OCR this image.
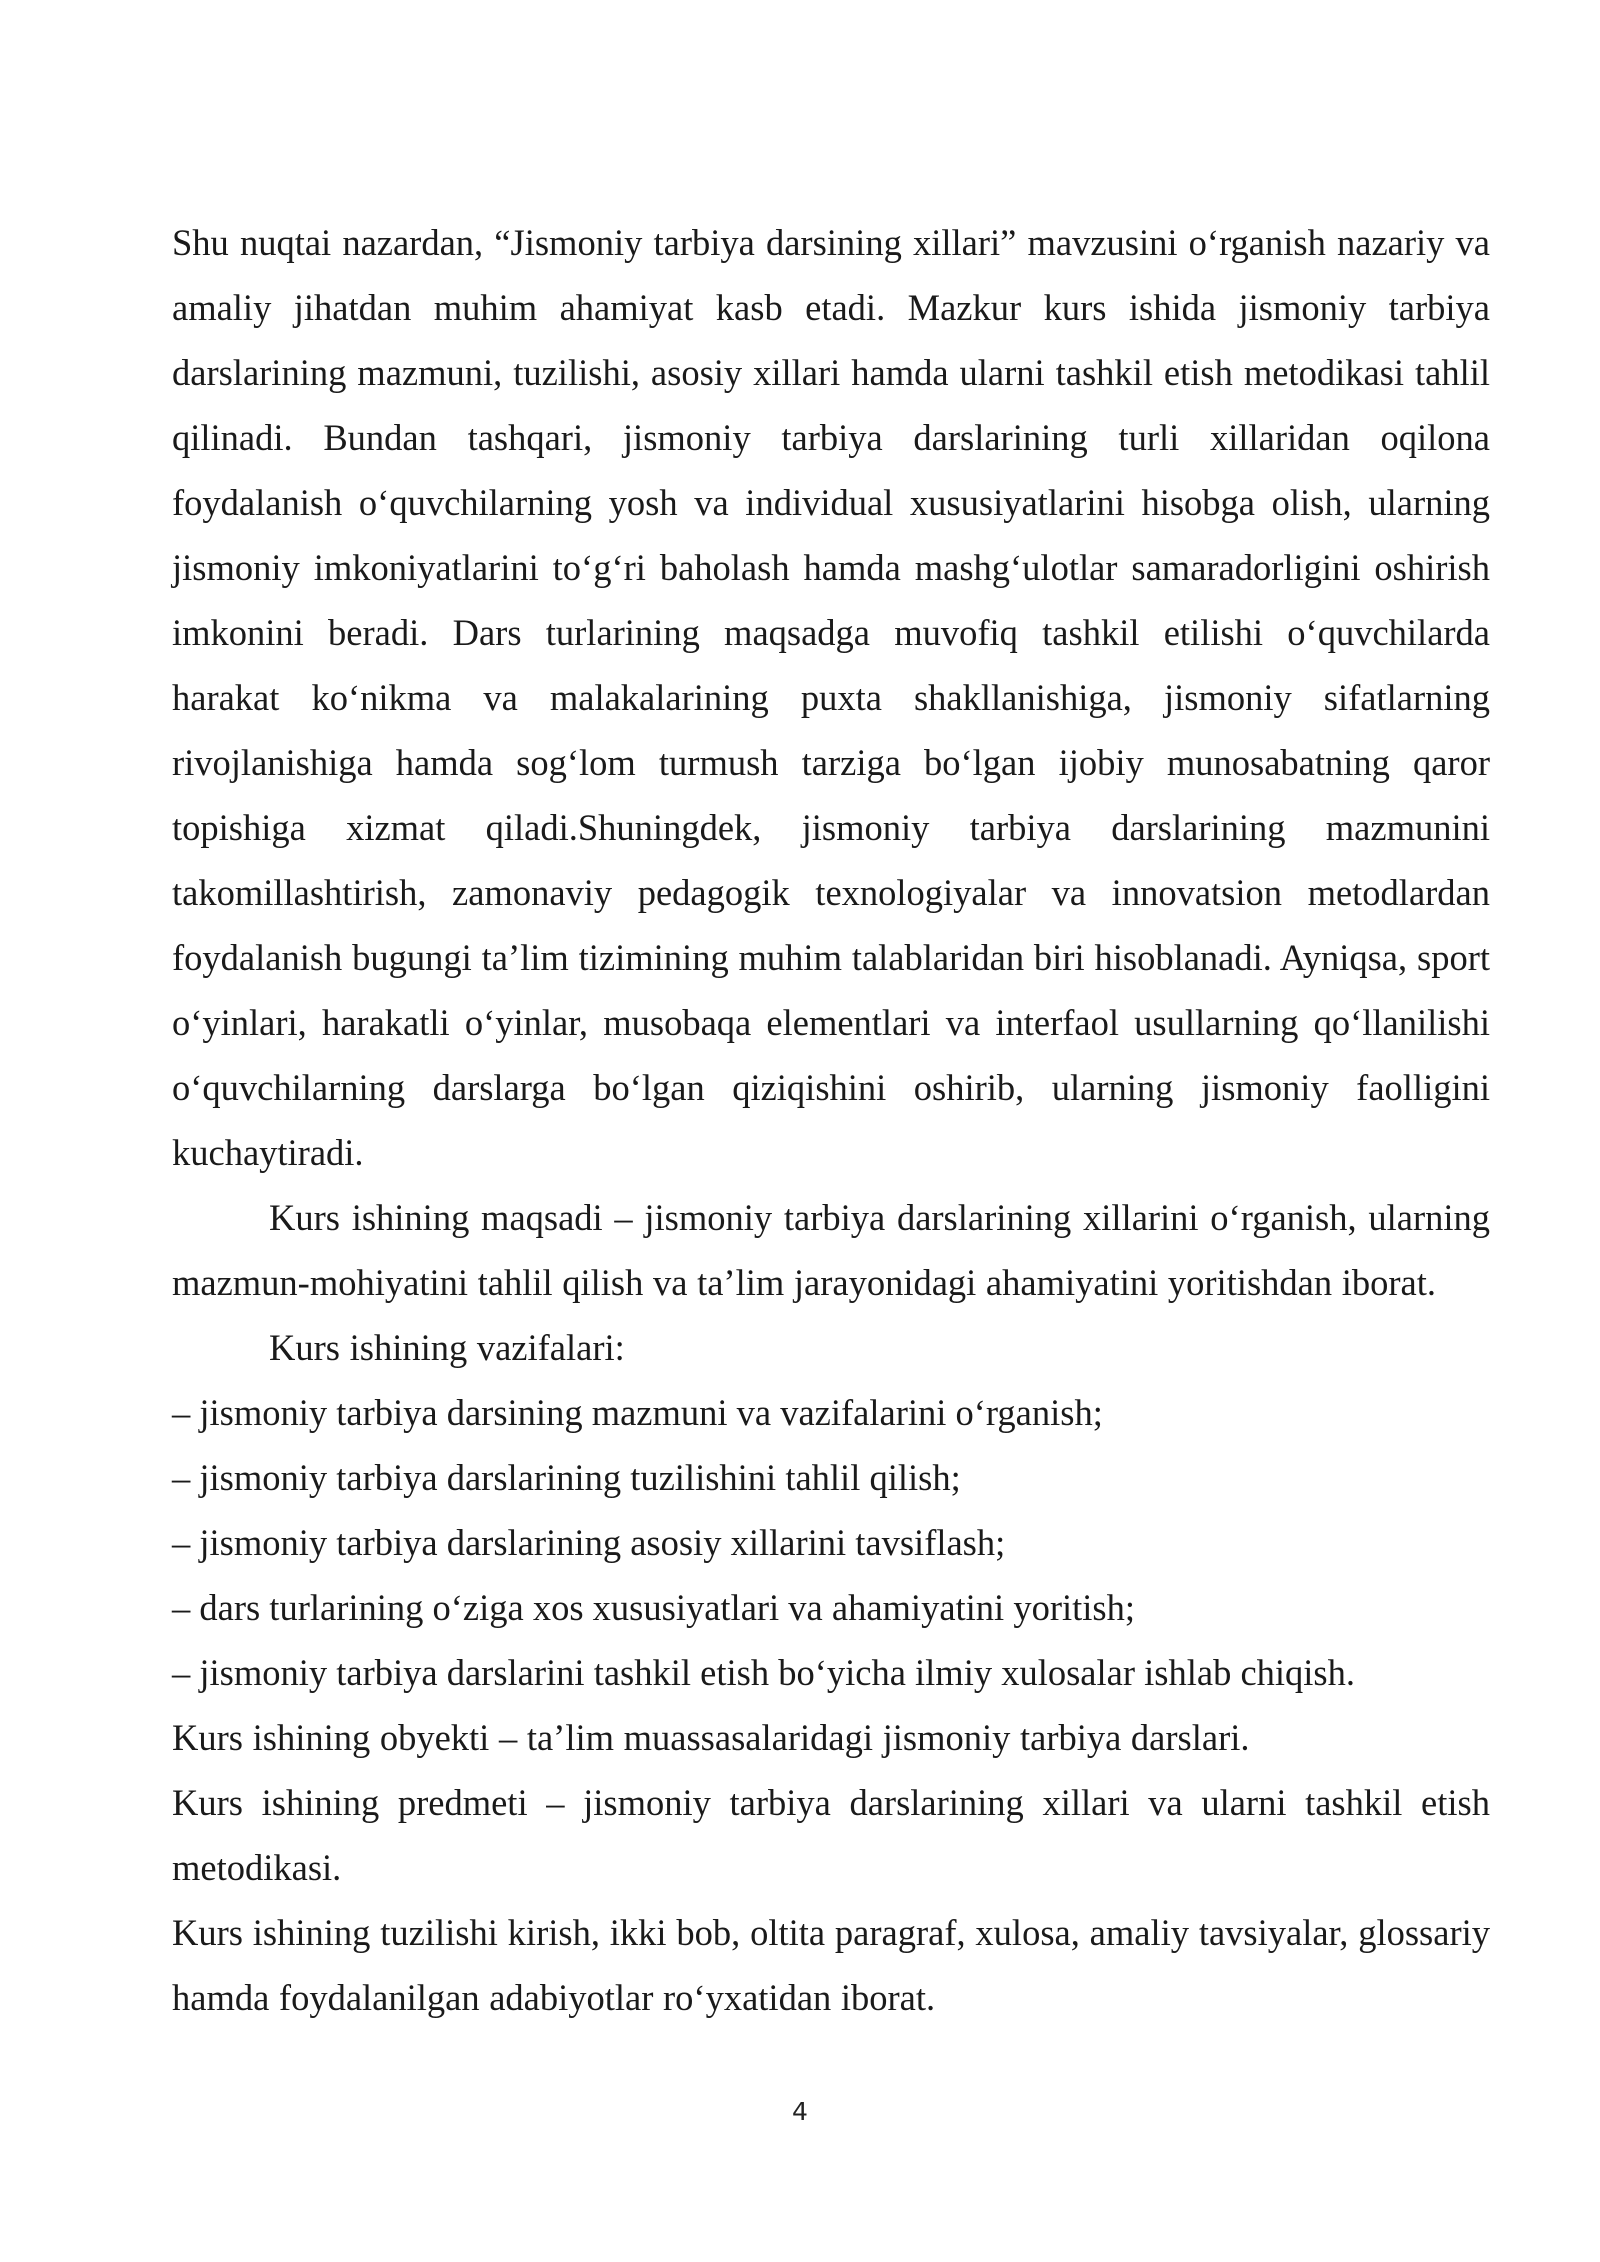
Shu nuqtai nazardan, “Jismoniy tarbiya darsining xillari” mavzusini o‘rganish nazariy va amaliy jihatdan muhim ahamiyat kasb etadi. Mazkur kurs ishida jismoniy tarbiya darslarining mazmuni, tuzilishi, asosiy xillari hamda ularni tashkil etish metodikasi tahlil qilinadi. Bundan tashqari, jismoniy tarbiya darslarining turli xillaridan oqilona foydalanish o‘quvchilarning yosh va individual xususiyatlarini hisobga olish, ularning jismoniy imkoniyatlarini to‘g‘ri baholash hamda mashg‘ulotlar samaradorligini oshirish imkonini beradi. Dars turlarining maqsadga muvofiq tashkil etilishi o‘quvchilarda harakat ko‘nikma va malakalarining puxta shakllanishiga, jismoniy sifatlarning rivojlanishiga hamda sog‘lom turmush tarziga bo‘lgan ijobiy munosabatning qaror topishiga xizmat qiladi.Shuningdek, jismoniy tarbiya darslarining mazmunini takomillashtirish, zamonaviy pedagogik texnologiyalar va innovatsion metodlardan foydalanish bugungi ta’lim tizimining muhim talablaridan biri hisoblanadi. Ayniqsa, sport o‘yinlari, harakatli o‘yinlar, musobaqa elementlari va interfaol usullarning qo‘llanilishi o‘quvchilarning darslarga bo‘lgan qiziqishini oshirib, ularning jismoniy faolligini kuchaytiradi.

Kurs ishining maqsadi – jismoniy tarbiya darslarining xillarini o‘rganish, ularning mazmun-mohiyatini tahlil qilish va ta’lim jarayonidagi ahamiyatini yoritishdan iborat.

Kurs ishining vazifalari:

– jismoniy tarbiya darsining mazmuni va vazifalarini o‘rganish;

– jismoniy tarbiya darslarining tuzilishini tahlil qilish;

– jismoniy tarbiya darslarining asosiy xillarini tavsiflash;

– dars turlarining o‘ziga xos xususiyatlari va ahamiyatini yoritish;

– jismoniy tarbiya darslarini tashkil etish bo‘yicha ilmiy xulosalar ishlab chiqish.

Kurs ishining obyekti – ta’lim muassasalaridagi jismoniy tarbiya darslari.

Kurs ishining predmeti – jismoniy tarbiya darslarining xillari va ularni tashkil etish metodikasi.

Kurs ishining tuzilishi kirish, ikki bob, oltita paragraf, xulosa, amaliy tavsiyalar, glossariy hamda foydalanilgan adabiyotlar ro‘yxatidan iborat.

4
